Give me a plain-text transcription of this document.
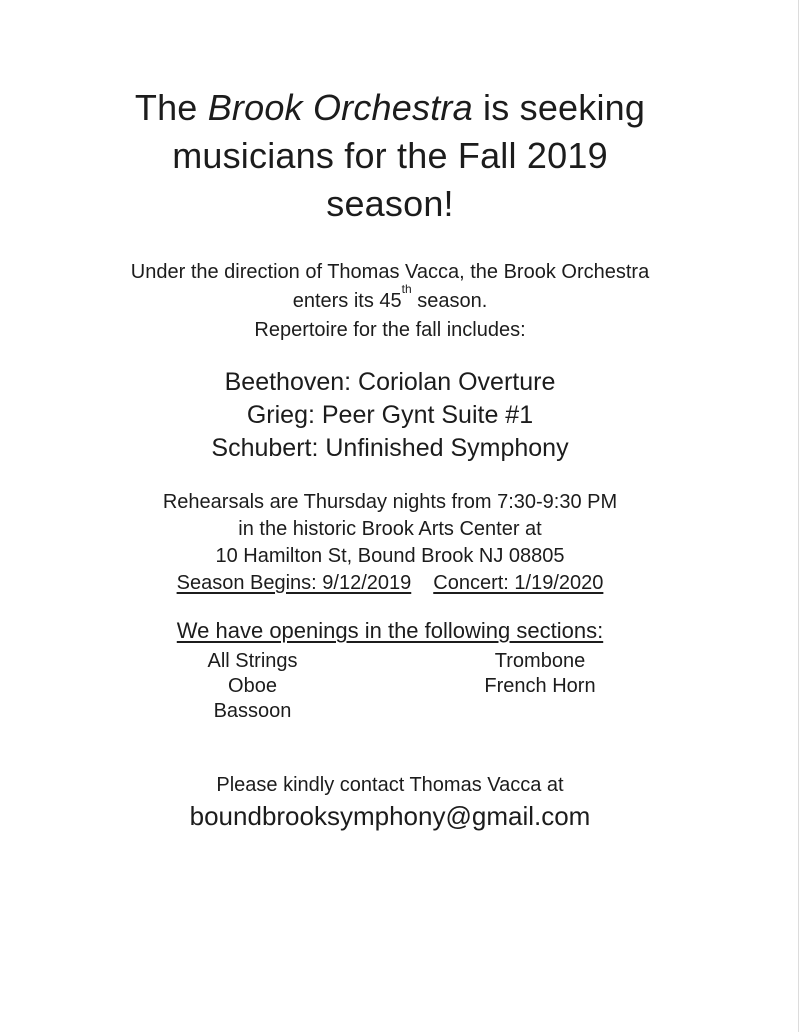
The Brook Orchestra is seeking
musicians for the Fall 2019
season!
Under the direction of Thomas Vacca, the Brook Orchestra
enters its 45th season.
Repertoire for the fall includes:
Beethoven: Coriolan Overture
Grieg: Peer Gynt Suite #1
Schubert: Unfinished Symphony
Rehearsals are Thursday nights from 7:30-9:30 PM
in the historic Brook Arts Center at
10 Hamilton St, Bound Brook NJ 08805
Season Begins: 9/12/2019 Concert: 1/19/2020
We have openings in the following sections:
All Strings
Oboe
Bassoon
Trombone
French Horn
Please kindly contact Thomas Vacca at
boundbrooksymphony@gmail.com
